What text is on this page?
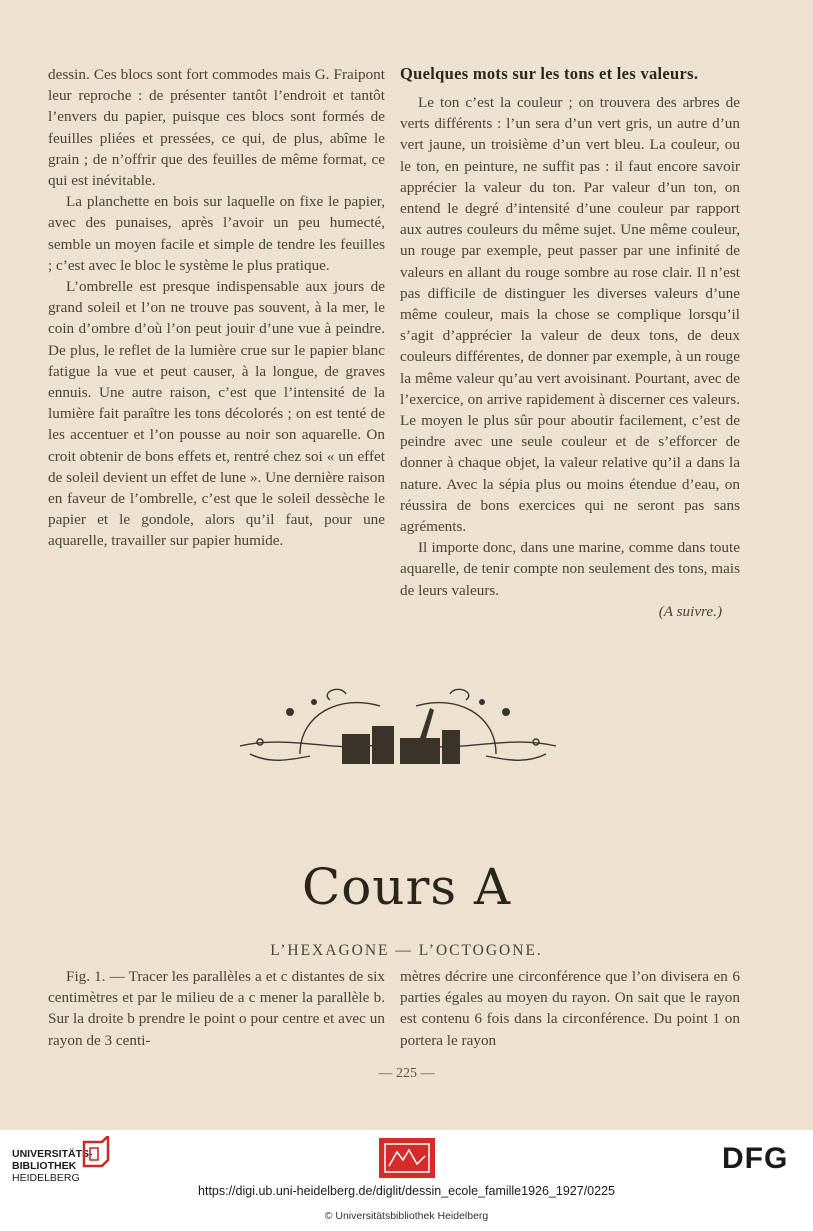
dessin. Ces blocs sont fort commodes mais G. Fraipont leur reproche : de présenter tantôt l’endroit et tantôt l’envers du papier, puisque ces blocs sont formés de feuilles pliées et pressées, ce qui, de plus, abîme le grain ; de n’offrir que des feuilles de même format, ce qui est inévitable.

La planchette en bois sur laquelle on fixe le papier, avec des punaises, après l’avoir un peu humecté, semble un moyen facile et simple de tendre les feuilles ; c’est avec le bloc le système le plus pratique.

L’ombrelle est presque indispensable aux jours de grand soleil et l’on ne trouve pas souvent, à la mer, le coin d’ombre d’où l’on peut jouir d’une vue à peindre. De plus, le reflet de la lumière crue sur le papier blanc fatigue la vue et peut causer, à la longue, de graves ennuis. Une autre raison, c’est que l’intensité de la lumière fait paraître les tons décolorés ; on est tenté de les accentuer et l’on pousse au noir son aquarelle. On croit obtenir de bons effets et, rentré chez soi « un effet de soleil devient un effet de lune ». Une dernière raison en faveur de l’ombrelle, c’est que le soleil dessèche le papier et le gondole, alors qu’il faut, pour une aquarelle, travailler sur papier humide.

Quelques mots sur les tons et les valeurs.

Le ton c’est la couleur ; on trouvera des arbres de verts différents : l’un sera d’un vert gris, un autre d’un vert jaune, un troisième d’un vert bleu. La couleur, ou le ton, en peinture, ne suffit pas : il faut encore savoir apprécier la valeur du ton. Par valeur d’un ton, on entend le degré d’intensité d’une couleur par rapport aux autres couleurs du même sujet. Une même couleur, un rouge par exemple, peut passer par une infinité de valeurs en allant du rouge sombre au rose clair. Il n’est pas difficile de distinguer les diverses valeurs d’une même couleur, mais la chose se complique lorsqu’il s’agit d’apprécier la valeur de deux tons, de deux couleurs différentes, de donner par exemple, à un rouge la même valeur qu’au vert avoisinant. Pourtant, avec de l’exercice, on arrive rapidement à discerner ces valeurs. Le moyen le plus sûr pour aboutir facilement, c’est de peindre avec une seule couleur et de s’efforcer de donner à chaque objet, la valeur relative qu’il a dans la nature. Avec la sépia plus ou moins étendue d’eau, on réussira de bons exercices qui ne seront pas sans agréments.

Il importe donc, dans une marine, comme dans toute aquarelle, de tenir compte non seulement des tons, mais de leurs valeurs.

(A suivre.)

Cours A
L’HEXAGONE — L’OCTOGONE.

Fig. 1. — Tracer les parallèles a et c distantes de six centimètres et par le milieu de a c mener la parallèle b. Sur la droite b prendre le point o pour centre et avec un rayon de 3 centi-

mètres décrire une circonférence que l’on divisera en 6 parties égales au moyen du rayon. On sait que le rayon est contenu 6 fois dans la circonférence. Du point 1 on portera le rayon

— 225 —
UNIVERSITÄTS-
BIBLIOTHEK
HEIDELBERG
DFG
https://digi.ub.uni-heidelberg.de/diglit/dessin_ecole_famille1926_1927/0225
© Universitätsbibliothek Heidelberg
